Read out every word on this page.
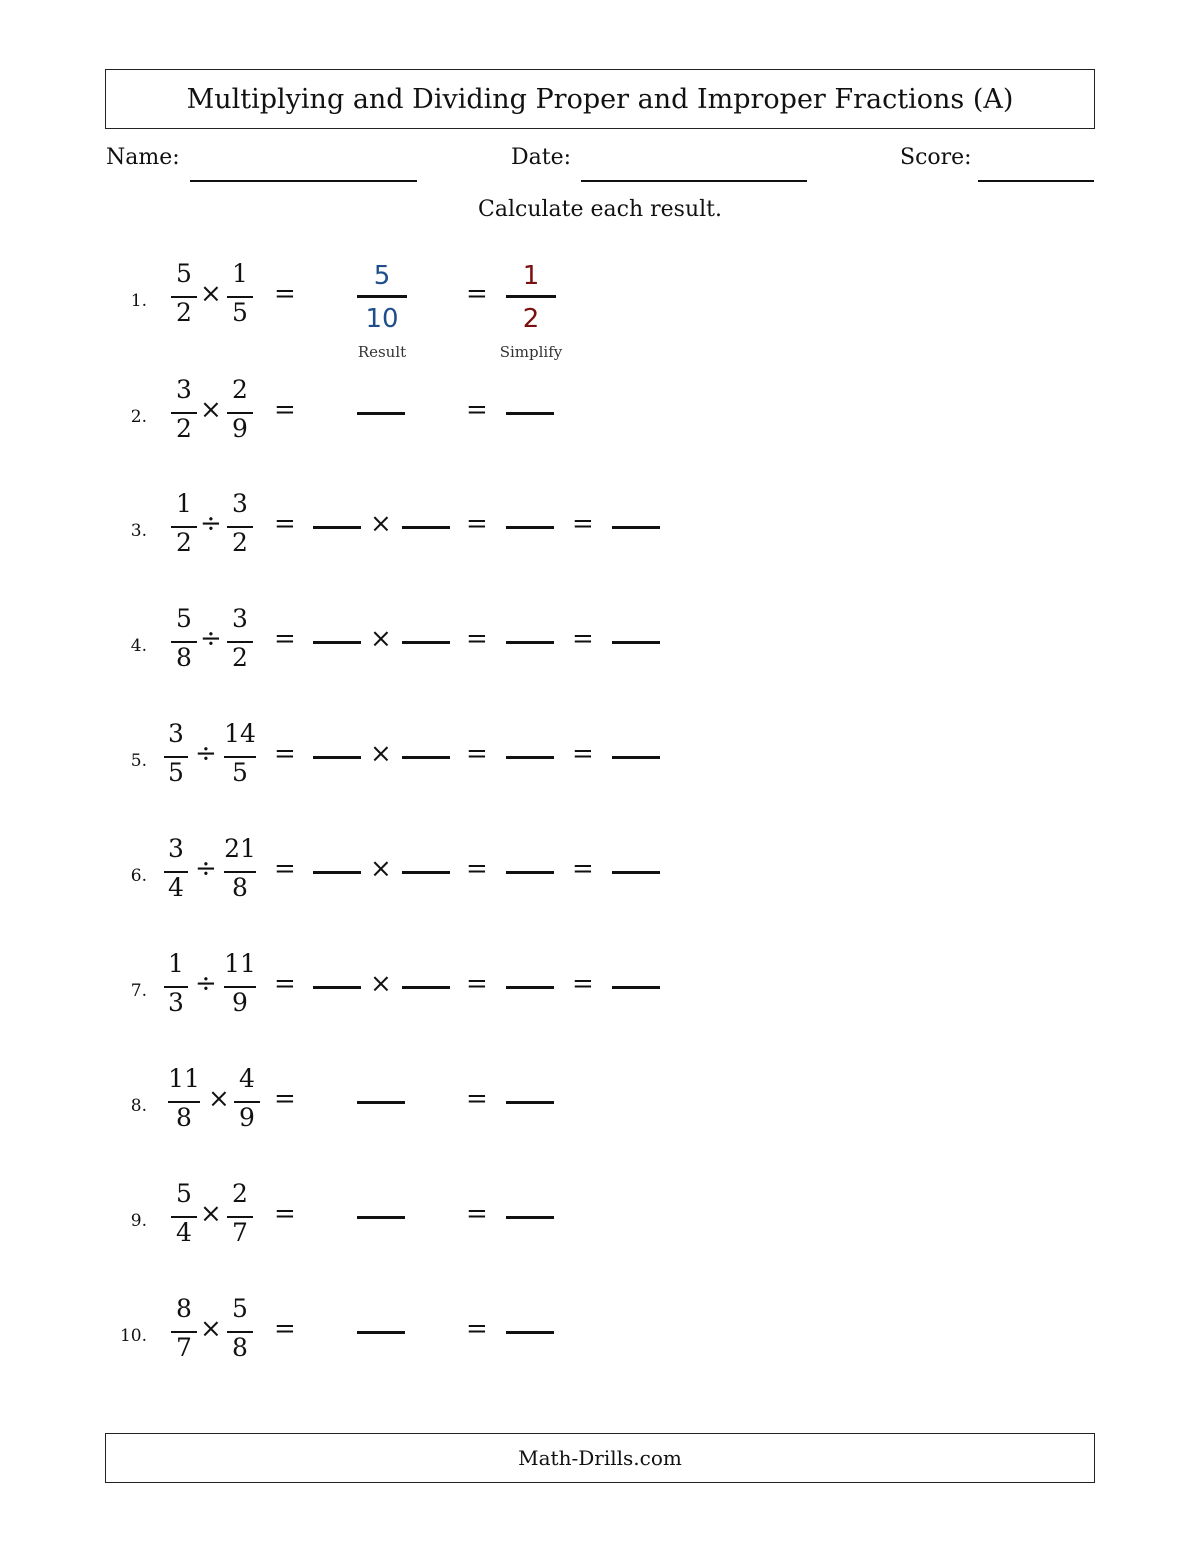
Multiplying and Dividing Proper and Improper Fractions (A)
Name:	Date:	Score:
Calculate each result.
1.
5
2
×
1
5
=
5
10
Result
=
1
2
Simplify
2.
3
2
×
2
9
=	=
3.
1
2
÷
3
2
=	×	=	=
4.
5
8
÷
3
2
=	×	=	=
5.
3
5
÷
14
5
=	×	=	=
6.
3
4
÷
21
8
=	×	=	=
7.
1
3
÷
11
9
=	×	=	=
8.
11
8
×
4
9
=	=
9.
5
4
×
2
7
=	=
10.
8
7
×
5
8
=	=
Math-Drills.com
